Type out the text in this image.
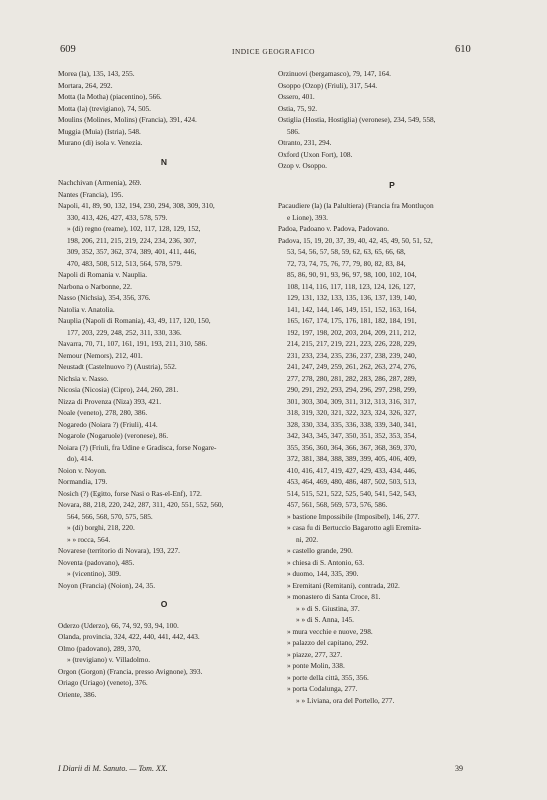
609	INDICE GEOGRAFICO	610
Morea (la), 135, 143, 255.
Mortara, 264, 292.
Motta (la Motha) (piacentino), 566.
Motta (la) (trevigiano), 74, 505.
Moulins (Molines, Molins) (Francia), 391, 424.
Muggia (Muia) (Istria), 548.
Murano (di) isola v. Venezia.
N
Nachchivan (Armenia), 269.
Nantes (Francia), 195.
Napoli, 41, 89, 90, 132, 194, 230, 294, 308, 309, 310,
330, 413, 426, 427, 433, 578, 579.
» (di) regno (reame), 102, 117, 128, 129, 152,
198, 206, 211, 215, 219, 224, 234, 236, 307,
309, 352, 357, 362, 374, 389, 401, 411, 446,
470, 483, 508, 512, 513, 564, 578, 579.
Napoli di Romania v. Nauplia.
Narbona o Narbonne, 22.
Nasso (Nichsia), 354, 356, 376.
Natolia v. Anatolia.
Nauplia (Napoli di Romania), 43, 49, 117, 120, 150,
177, 203, 229, 248, 252, 311, 330, 336.
Navarra, 70, 71, 107, 161, 191, 193, 211, 310, 586.
Nemour (Nemors), 212, 401.
Neustadt (Castelnuovo ?) (Austria), 552.
Nichsia v. Nasso.
Nicosia (Nicosia) (Cipro), 244, 260, 281.
Nizza di Provenza (Niza) 393, 421.
Noale (veneto), 278, 280, 386.
Nogaredo (Noiara ?) (Friuli), 414.
Nogarole (Nogaruole) (veronese), 86.
Noiara (?) (Friuli, fra Udine e Gradisca, forse Nogare-
do), 414.
Noion v. Noyon.
Normandia, 179.
Nosich (?) (Egitto, forse Nasi o Ras-el-Enf), 172.
Novara, 88, 218, 220, 242, 287, 311, 420, 551, 552, 560,
564, 566, 568, 570, 575, 585.
» (di) borghi, 218, 220.
» » rocca, 564.
Novarese (territorio di Novara), 193, 227.
Noventa (padovano), 485.
» (vicentino), 309.
Noyon (Francia) (Noion), 24, 35.
O
Oderzo (Uderzo), 66, 74, 92, 93, 94, 100.
Olanda, provincia, 324, 422, 440, 441, 442, 443.
Olmo (padovano), 289, 370,
» (trevigiano) v. Villadolmo.
Orgon (Gorgon) (Francia, presso Avignone), 393.
Oriago (Uriago) (veneto), 376.
Oriente, 386.
Orzinuovi (bergamasco), 79, 147, 164.
Osoppo (Ozop) (Friuli), 317, 544.
Ossero, 401.
Ostia, 75, 92.
Ostiglia (Hostia, Hostiglia) (veronese), 234, 549, 558,
586.
Otranto, 231, 294.
Oxford (Uxon Fort), 108.
Ozop v. Osoppo.
P
Pacaudiere (la) (la Palultiera) (Francia fra Montluçon
e Lione), 393.
Padoa, Padoano v. Padova, Padovano.
Padova, 15, 19, 20, 37, 39, 40, 42, 45, 49, 50, 51, 52,
53, 54, 56, 57, 58, 59, 62, 63, 65, 66, 68,
72, 73, 74, 75, 76, 77, 79, 80, 82, 83, 84,
85, 86, 90, 91, 93, 96, 97, 98, 100, 102, 104,
108, 114, 116, 117, 118, 123, 124, 126, 127,
129, 131, 132, 133, 135, 136, 137, 139, 140,
141, 142, 144, 146, 149, 151, 152, 163, 164,
165, 167, 174, 175, 176, 181, 182, 184, 191,
192, 197, 198, 202, 203, 204, 209, 211, 212,
214, 215, 217, 219, 221, 223, 226, 228, 229,
231, 233, 234, 235, 236, 237, 238, 239, 240,
241, 247, 249, 259, 261, 262, 263, 274, 276,
277, 278, 280, 281, 282, 283, 286, 287, 289,
290, 291, 292, 293, 294, 296, 297, 298, 299,
301, 303, 304, 309, 311, 312, 313, 316, 317,
318, 319, 320, 321, 322, 323, 324, 326, 327,
328, 330, 334, 335, 336, 338, 339, 340, 341,
342, 343, 345, 347, 350, 351, 352, 353, 354,
355, 356, 360, 364, 366, 367, 368, 369, 370,
372, 381, 384, 388, 389, 399, 405, 406, 409,
410, 416, 417, 419, 427, 429, 433, 434, 446,
453, 464, 469, 480, 486, 487, 502, 503, 513,
514, 515, 521, 522, 525, 540, 541, 542, 543,
457, 561, 568, 569, 573, 576, 586.
» bastione Impossibile (Imposibel), 146, 277.
» casa fu di Bertuccio Bagarotto agli Eremita-
ni, 202.
» castello grande, 290.
» chiesa di S. Antonio, 63.
» duomo, 144, 335, 390.
» Eremitani (Remitani), contrada, 202.
» monastero di Santa Croce, 81.
» » di S. Giustina, 37.
» » di S. Anna, 145.
» mura vecchie e nuove, 298.
» palazzo del capitano, 292.
» piazze, 277, 327.
» ponte Molin, 338.
» porte della città, 355, 356.
» porta Codalunga, 277.
» » Liviana, ora del Portello, 277.
I Diarii di M. Sanuto. — Tom. XX.	39
